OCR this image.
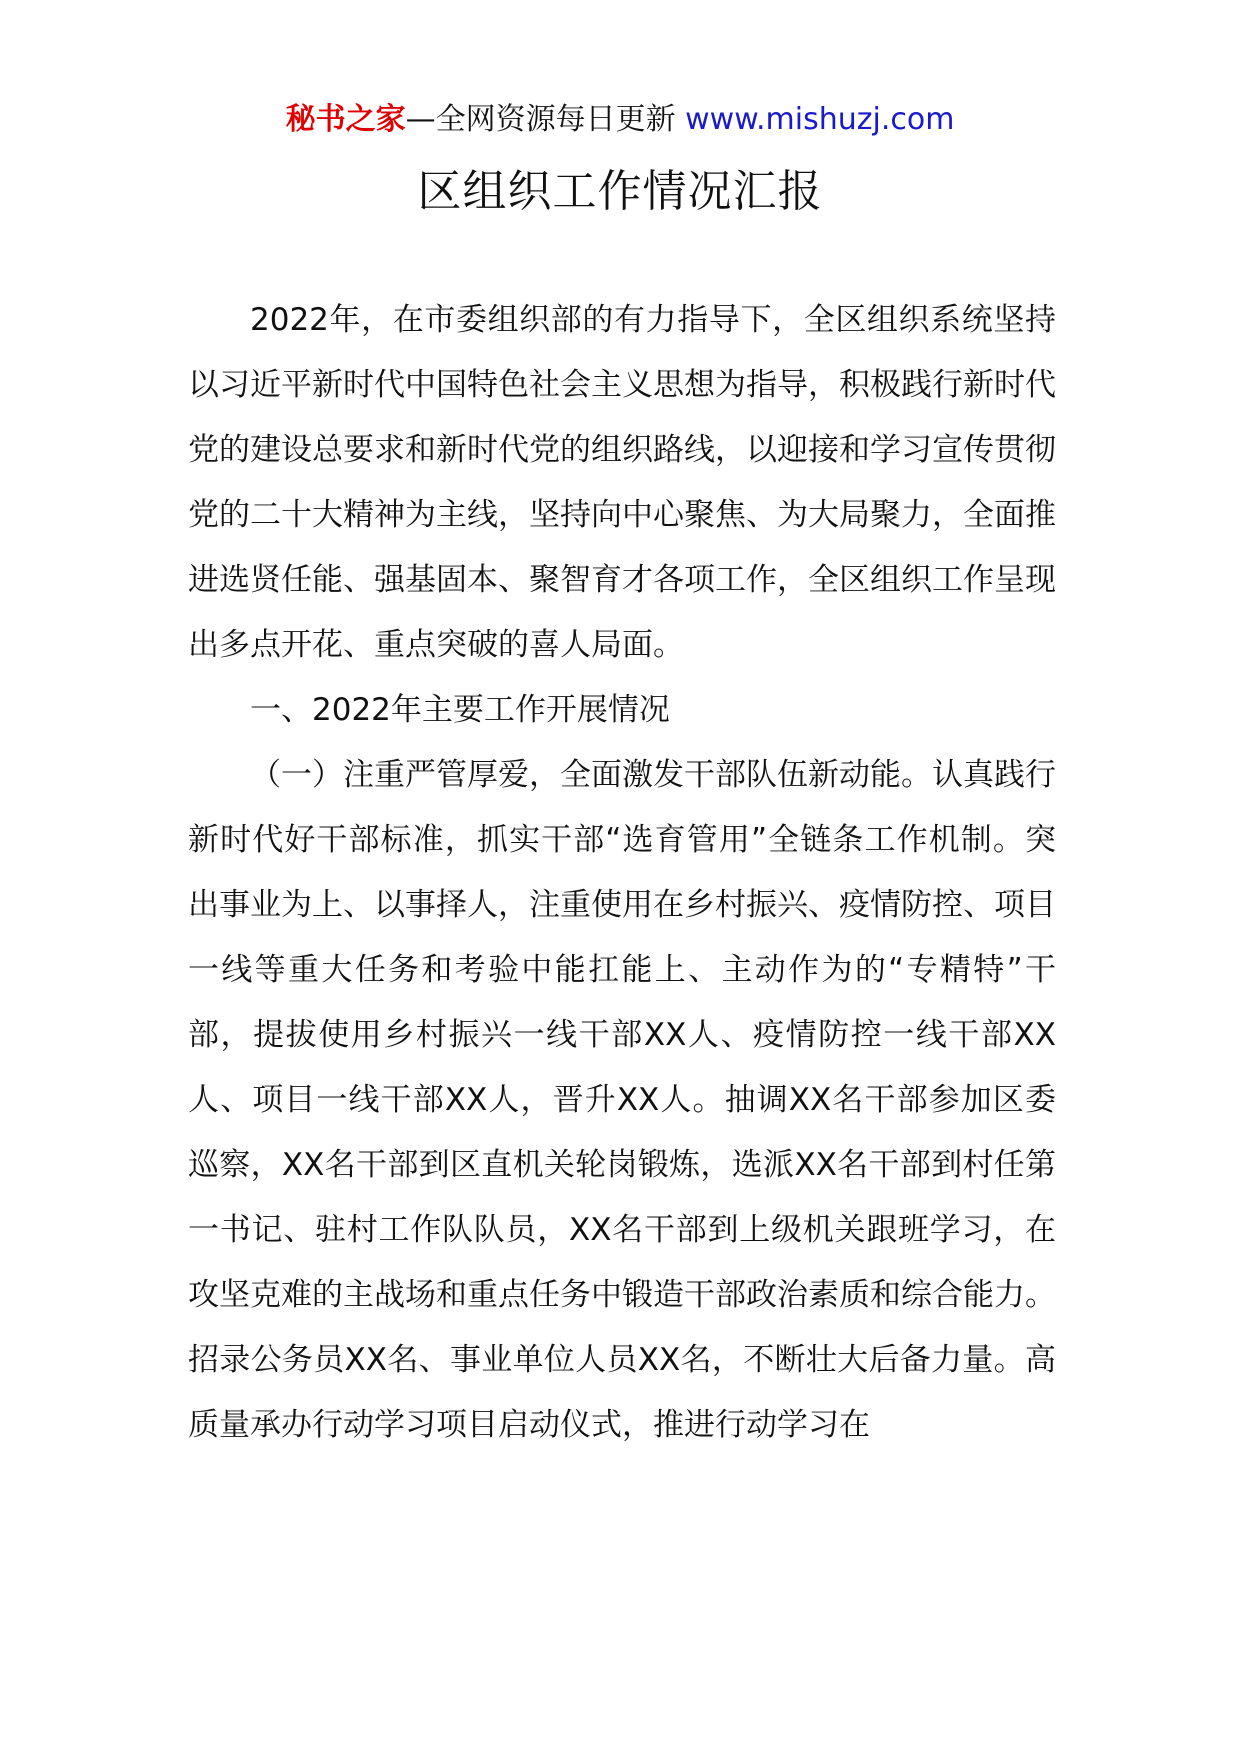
秘书之家—全网资源每日更新 www.mishuzj.com
区组织工作情况汇报

2022年，在市委组织部的有力指导下，全区组织系统坚持以习近平新时代中国特色社会主义思想为指导，积极践行新时代党的建设总要求和新时代党的组织路线，以迎接和学习宣传贯彻党的二十大精神为主线，坚持向中心聚焦、为大局聚力，全面推进选贤任能、强基固本、聚智育才各项工作，全区组织工作呈现出多点开花、重点突破的喜人局面。

一、2022年主要工作开展情况

（一）注重严管厚爱，全面激发干部队伍新动能。认真践行新时代好干部标准，抓实干部“选育管用”全链条工作机制。突出事业为上、以事择人，注重使用在乡村振兴、疫情防控、项目一线等重大任务和考验中能扛能上、主动作为的“专精特”干部，提拔使用乡村振兴一线干部XX人、疫情防控一线干部XX人、项目一线干部XX人，晋升XX人。抽调XX名干部参加区委巡察，XX名干部到区直机关轮岗锻炼，选派XX名干部到村任第一书记、驻村工作队队员，XX名干部到上级机关跟班学习，在攻坚克难的主战场和重点任务中锻造干部政治素质和综合能力。招录公务员XX名、事业单位人员XX名，不断壮大后备力量。高质量承办行动学习项目启动仪式，推进行动学习在
